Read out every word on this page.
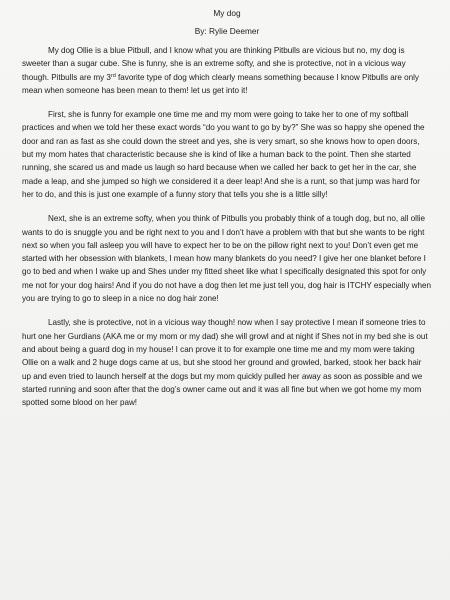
My dog

By: Rylie Deemer

My dog Ollie is a blue Pitbull, and I know what you are thinking Pitbulls are vicious but no, my dog is sweeter than a sugar cube. She is funny, she is an extreme softy, and she is protective, not in a vicious way though. Pitbulls are my 3rd favorite type of dog which clearly means something because I know Pitbulls are only mean when someone has been mean to them! let us get into it!

First, she is funny for example one time me and my mom were going to take her to one of my softball practices and when we told her these exact words “do you want to go by by?” She was so happy she opened the door and ran as fast as she could down the street and yes, she is very smart, so she knows how to open doors, but my mom hates that characteristic because she is kind of like a human back to the point. Then she started running, she scared us and made us laugh so hard because when we called her back to get her in the car, she made a leap, and she jumped so high we considered it a deer leap! And she is a runt, so that jump was hard for her to do, and this is just one example of a funny story that tells you she is a little silly!

Next, she is an extreme softy, when you think of Pitbulls you probably think of a tough dog, but no, all ollie wants to do is snuggle you and be right next to you and I don’t have a problem with that but she wants to be right next so when you fall asleep you will have to expect her to be on the pillow right next to you! Don’t even get me started with her obsession with blankets, I mean how many blankets do you need? I give her one blanket before I go to bed and when I wake up and Shes under my fitted sheet like what I specifically designated this spot for only me not for your dog hairs! And if you do not have a dog then let me just tell you, dog hair is ITCHY especially when you are trying to go to sleep in a nice no dog hair zone!

Lastly, she is protective, not in a vicious way though! now when I say protective I mean if someone tries to hurt one her Gurdians (AKA me or my mom or my dad) she will growl and at night if Shes not in my bed she is out and about being a guard dog in my house! I can prove it to for example one time me and my mom were taking Ollie on a walk and 2 huge dogs came at us, but she stood her ground and growled, barked, stook her back hair up and even tried to launch herself at the dogs but my mom quickly pulled her away as soon as possible and we started running and soon after that the dog’s owner came out and it was all fine but when we got home my mom spotted some blood on her paw!
